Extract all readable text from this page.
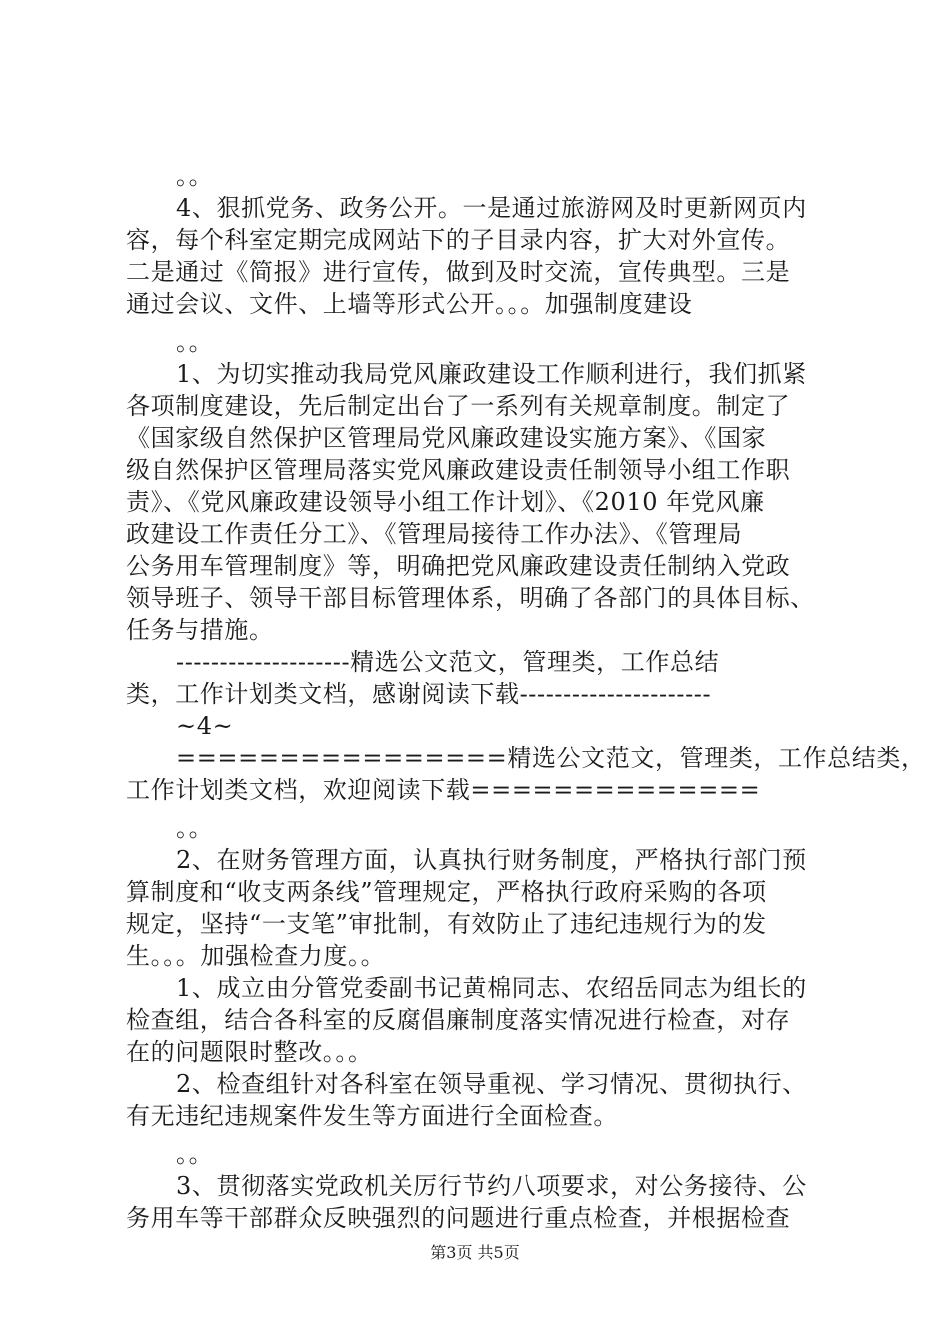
。。
4、狠抓党务、政务公开。一是通过旅游网及时更新网页内
容，每个科室定期完成网站下的子目录内容，扩大对外宣传。
二是通过《简报》进行宣传，做到及时交流，宣传典型。三是
通过会议、文件、上墙等形式公开。。。加强制度建设
。。
1、为切实推动我局党风廉政建设工作顺利进行，我们抓紧
各项制度建设，先后制定出台了一系列有关规章制度。制定了
《国家级自然保护区管理局党风廉政建设实施方案》、《国家
级自然保护区管理局落实党风廉政建设责任制领导小组工作职
责》、《党风廉政建设领导小组工作计划》、《2010 年党风廉
政建设工作责任分工》、《管理局接待工作办法》、《管理局
公务用车管理制度》等，明确把党风廉政建设责任制纳入党政
领导班子、领导干部目标管理体系，明确了各部门的具体目标、
任务与措施。
--------------------精选公文范文，管理类，工作总结
类，工作计划类文档，感谢阅读下载----------------------
~4~
================精选公文范文，管理类，工作总结类，
工作计划类文档，欢迎阅读下载==============
。。
2、在财务管理方面，认真执行财务制度，严格执行部门预
算制度和“收支两条线”管理规定，严格执行政府采购的各项
规定，坚持“一支笔”审批制，有效防止了违纪违规行为的发
生。。。加强检查力度。。
1、成立由分管党委副书记黄棉同志、农绍岳同志为组长的
检查组，结合各科室的反腐倡廉制度落实情况进行检查，对存
在的问题限时整改。。。
2、检查组针对各科室在领导重视、学习情况、贯彻执行、
有无违纪违规案件发生等方面进行全面检查。
。。
3、贯彻落实党政机关厉行节约八项要求，对公务接待、公
务用车等干部群众反映强烈的问题进行重点检查，并根据检查
第3页 共5页
